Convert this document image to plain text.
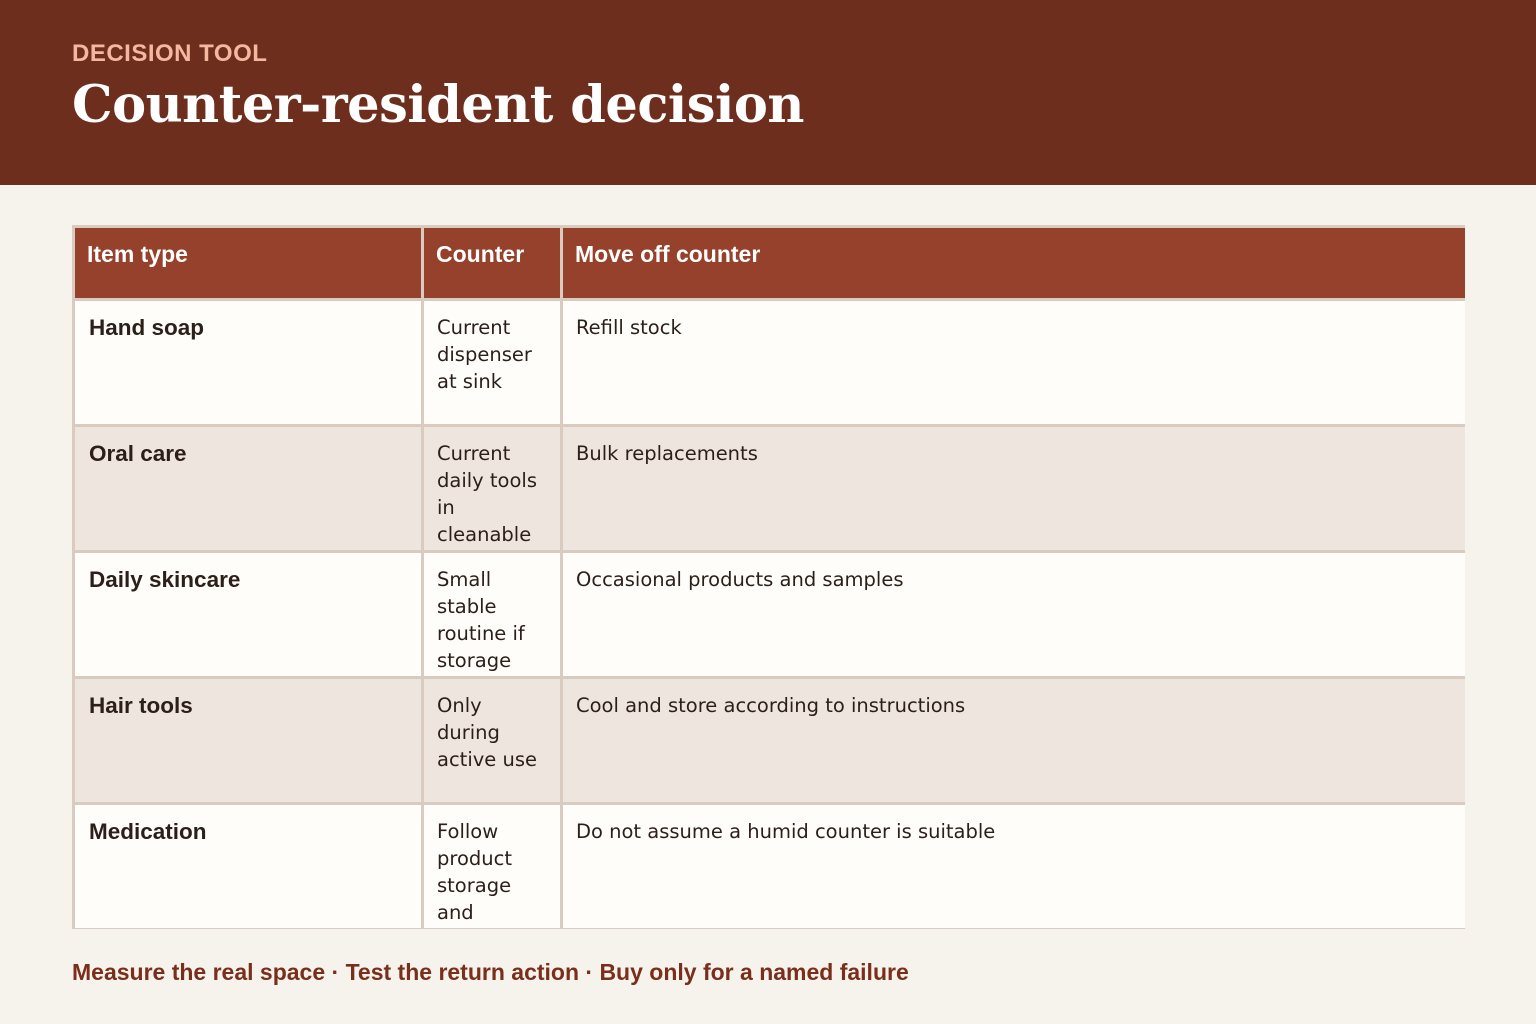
DECISION TOOL

Counter-resident decision
Item type	Counter	Move off counter

Hand soap	Current dispenser at sink	Refill stock

Oral care	Current daily tools in cleanable	Bulk replacements

Daily skincare	Small stable routine if storage	Occasional products and samples

Hair tools	Only during active use	Cool and store according to instructions

Medication	Follow product storage and	Do not assume a humid counter is suitable

Measure the real space · Test the return action · Buy only for a named failure
